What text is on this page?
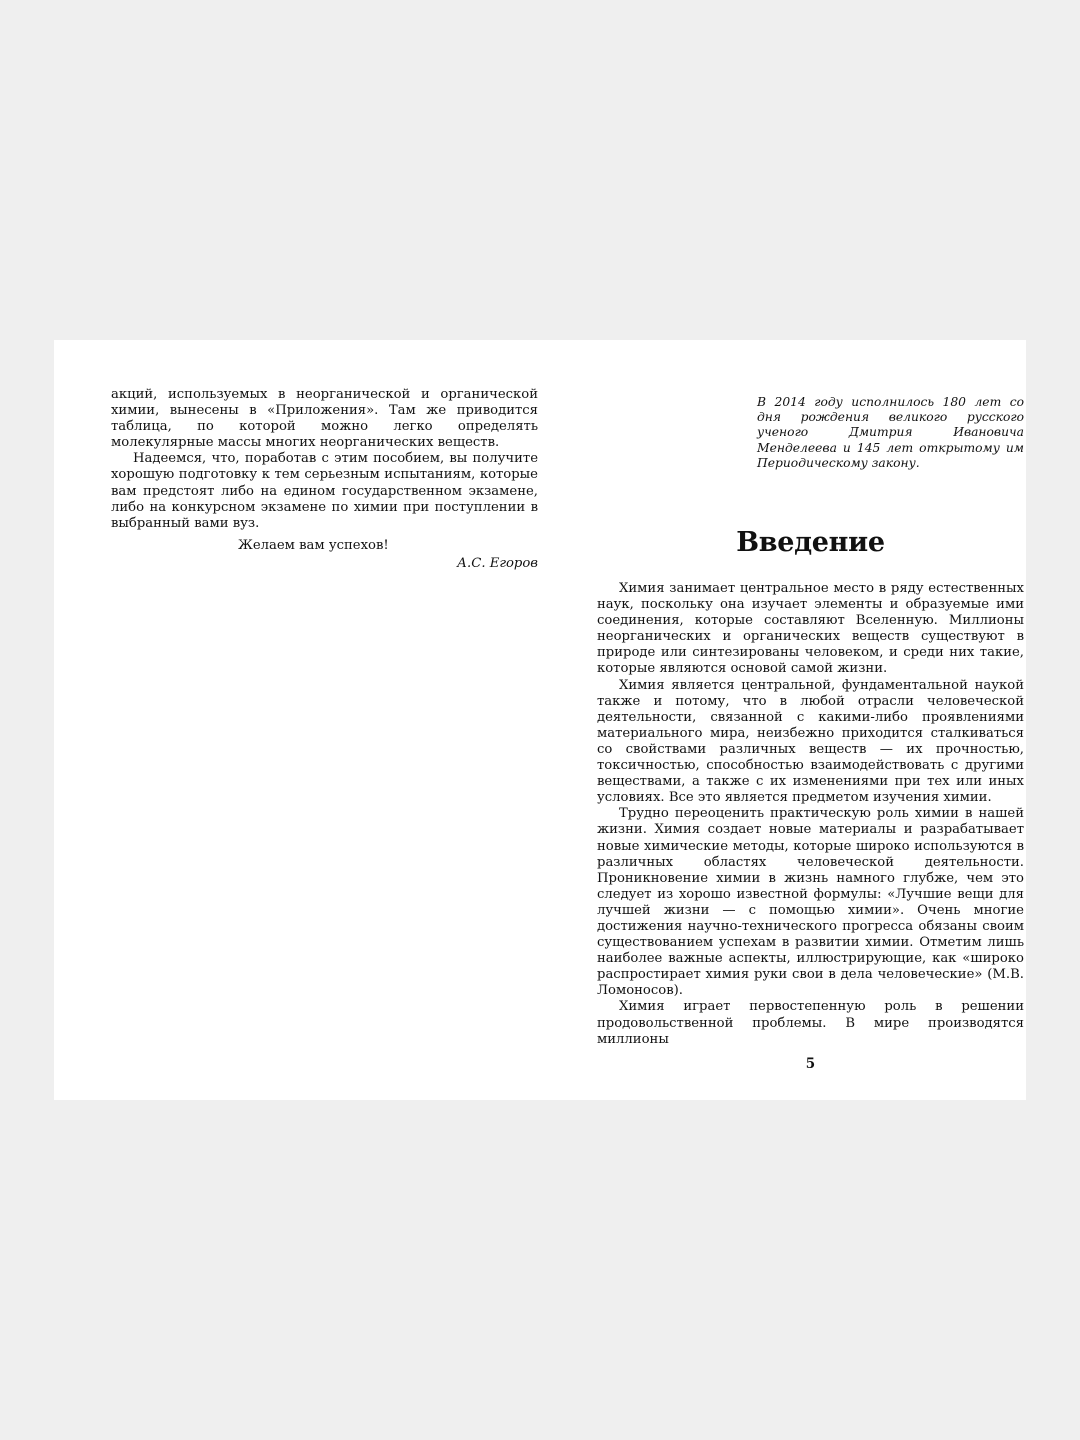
акций, используемых в неорганической и органической химии, вынесены в «Приложения». Там же приводится таблица, по которой можно легко определять молекулярные массы многих неорганических веществ.

Надеемся, что, поработав с этим пособием, вы получите хорошую подготовку к тем серьезным испытаниям, которые вам предстоят либо на едином государственном экзамене, либо на конкурсном экзамене по химии при поступлении в выбранный вами вуз.

Желаем вам успехов!

А.С. Егоров

В 2014 году исполнилось 180 лет со дня рождения великого русского ученого Дмитрия Ивановича Менделеева и 145 лет открытому им Периодическому закону.
Введение

Химия занимает центральное место в ряду естественных наук, поскольку она изучает элементы и образуемые ими соединения, которые составляют Вселенную. Миллионы неорганических и органических веществ существуют в природе или синтезированы человеком, и среди них такие, которые являются основой самой жизни.

Химия является центральной, фундаментальной наукой также и потому, что в любой отрасли человеческой деятельности, связанной с какими-либо проявлениями материального мира, неизбежно приходится сталкиваться со свойствами различных веществ — их прочностью, токсичностью, способностью взаимодействовать с другими веществами, а также с их изменениями при тех или иных условиях. Все это является предметом изучения химии.

Трудно переоценить практическую роль химии в нашей жизни. Химия создает новые материалы и разрабатывает новые химические методы, которые широко используются в различных областях человеческой деятельности. Проникновение химии в жизнь намного глубже, чем это следует из хорошо известной формулы: «Лучшие вещи для лучшей жизни — с помощью химии». Очень многие достижения научно-технического прогресса обязаны своим существованием успехам в развитии химии. Отметим лишь наиболее важные аспекты, иллюстрирующие, как «широко распростирает химия руки свои в дела человеческие» (М.В. Ломоносов).

Химия играет первостепенную роль в решении продовольственной проблемы. В мире производятся миллионы

5
